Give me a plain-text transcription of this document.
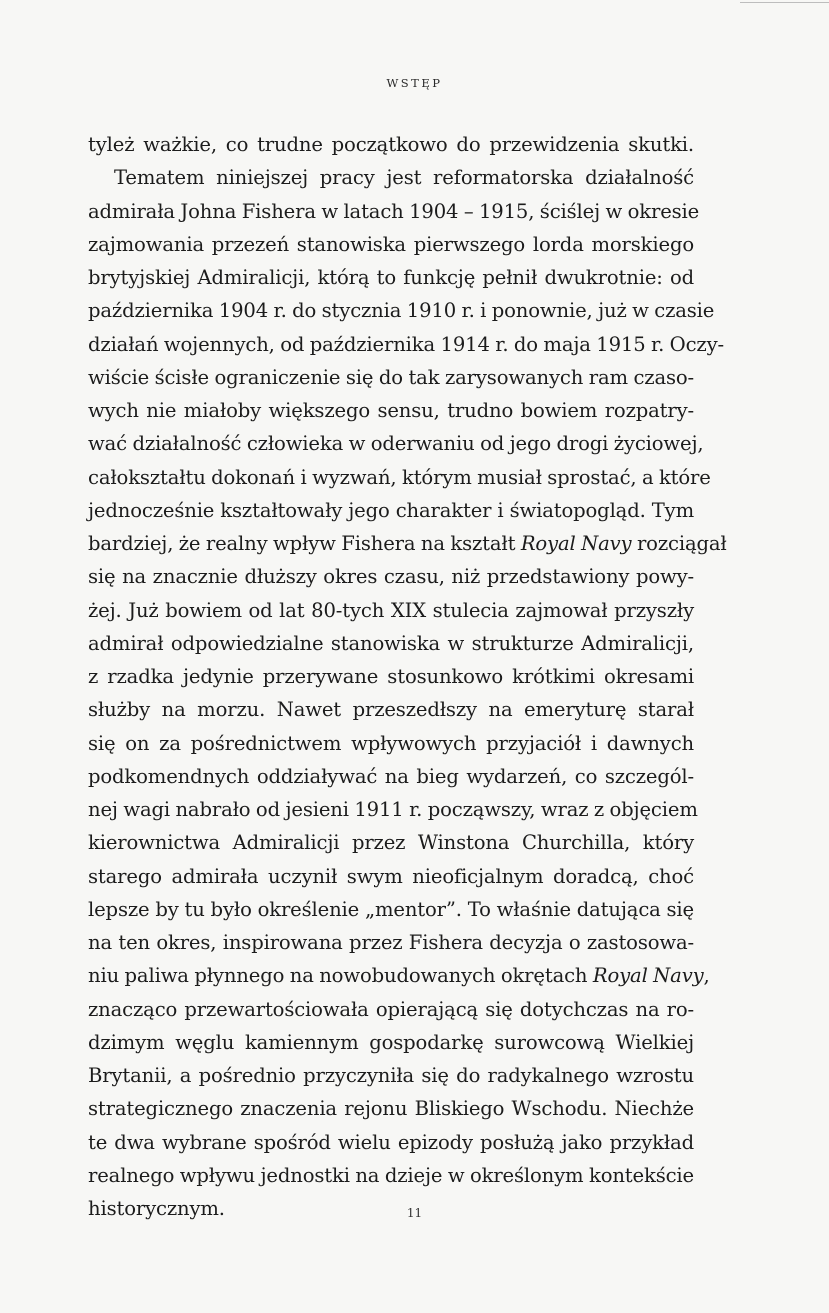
WSTĘP
tyleż ważkie, co trudne początkowo do przewidzenia skutki.
Tematem niniejszej pracy jest reformatorska działalność
admirała Johna Fishera w latach 1904 – 1915, ściślej w okresie
zajmowania przezeń stanowiska pierwszego lorda morskiego
brytyjskiej Admiralicji, którą to funkcję pełnił dwukrotnie: od
października 1904 r. do stycznia 1910 r. i ponownie, już w czasie
działań wojennych, od października 1914 r. do maja 1915 r. Oczy-
wiście ścisłe ograniczenie się do tak zarysowanych ram czaso-
wych nie miałoby większego sensu, trudno bowiem rozpatry-
wać działalność człowieka w oderwaniu od jego drogi życiowej,
całokształtu dokonań i wyzwań, którym musiał sprostać, a które
jednocześnie kształtowały jego charakter i światopogląd. Tym
bardziej, że realny wpływ Fishera na kształt Royal Navy rozciągał
się na znacznie dłuższy okres czasu, niż przedstawiony powy-
żej. Już bowiem od lat 80-tych XIX stulecia zajmował przyszły
admirał odpowiedzialne stanowiska w strukturze Admiralicji,
z rzadka jedynie przerywane stosunkowo krótkimi okresami
służby na morzu. Nawet przeszedłszy na emeryturę starał
się on za pośrednictwem wpływowych przyjaciół i dawnych
podkomendnych oddziaływać na bieg wydarzeń, co szczegól-
nej wagi nabrało od jesieni 1911 r. począwszy, wraz z objęciem
kierownictwa Admiralicji przez Winstona Churchilla, który
starego admirała uczynił swym nieoficjalnym doradcą, choć
lepsze by tu było określenie „mentor”. To właśnie datująca się
na ten okres, inspirowana przez Fishera decyzja o zastosowa-
niu paliwa płynnego na nowobudowanych okrętach Royal Navy,
znacząco przewartościowała opierającą się dotychczas na ro-
dzimym węglu kamiennym gospodarkę surowcową Wielkiej
Brytanii, a pośrednio przyczyniła się do radykalnego wzrostu
strategicznego znaczenia rejonu Bliskiego Wschodu. Niechże
te dwa wybrane spośród wielu epizody posłużą jako przykład
realnego wpływu jednostki na dzieje w określonym kontekście
historycznym.	11
